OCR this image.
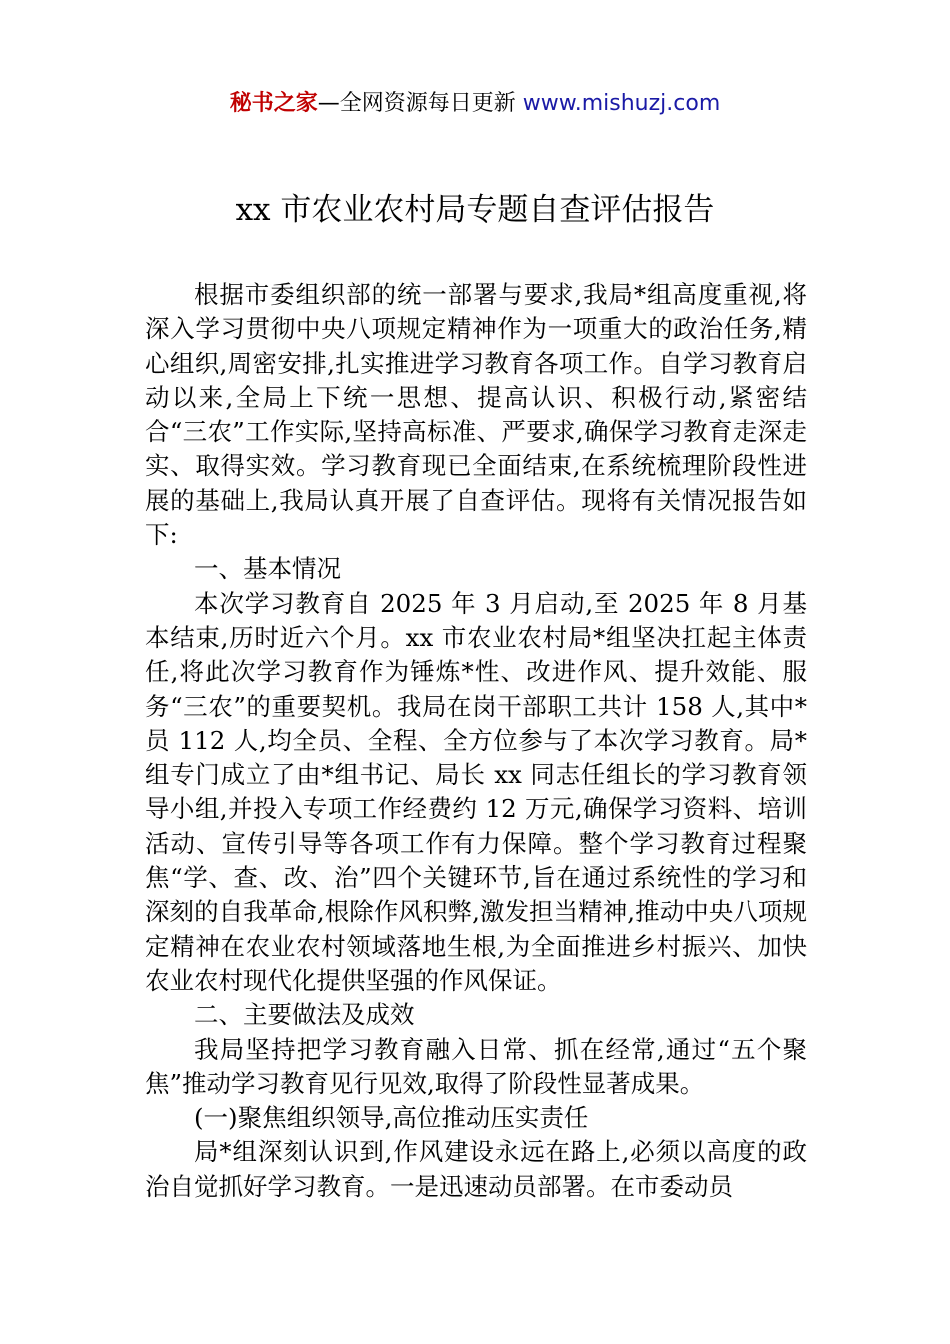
秘书之家—全网资源每日更新 www.mishuzj.com
xx 市农业农村局专题自查评估报告

根据市委组织部的统一部署与要求,我局*组高度重视,将深入学习贯彻中央八项规定精神作为一项重大的政治任务,精心组织,周密安排,扎实推进学习教育各项工作。自学习教育启动以来,全局上下统一思想、提高认识、积极行动,紧密结合“三农”工作实际,坚持高标准、严要求,确保学习教育走深走实、取得实效。学习教育现已全面结束,在系统梳理阶段性进展的基础上,我局认真开展了自查评估。现将有关情况报告如下:

一、基本情况

本次学习教育自 2025 年 3 月启动,至 2025 年 8 月基本结束,历时近六个月。xx 市农业农村局*组坚决扛起主体责任,将此次学习教育作为锤炼*性、改进作风、提升效能、服务“三农”的重要契机。我局在岗干部职工共计 158 人,其中*员 112 人,均全员、全程、全方位参与了本次学习教育。局*组专门成立了由*组书记、局长 xx 同志任组长的学习教育领导小组,并投入专项工作经费约 12 万元,确保学习资料、培训活动、宣传引导等各项工作有力保障。整个学习教育过程聚焦“学、查、改、治”四个关键环节,旨在通过系统性的学习和深刻的自我革命,根除作风积弊,激发担当精神,推动中央八项规定精神在农业农村领域落地生根,为全面推进乡村振兴、加快农业农村现代化提供坚强的作风保证。

二、主要做法及成效

我局坚持把学习教育融入日常、抓在经常,通过“五个聚焦”推动学习教育见行见效,取得了阶段性显著成果。

(一)聚焦组织领导,高位推动压实责任

局*组深刻认识到,作风建设永远在路上,必须以高度的政治自觉抓好学习教育。一是迅速动员部署。在市委动员
